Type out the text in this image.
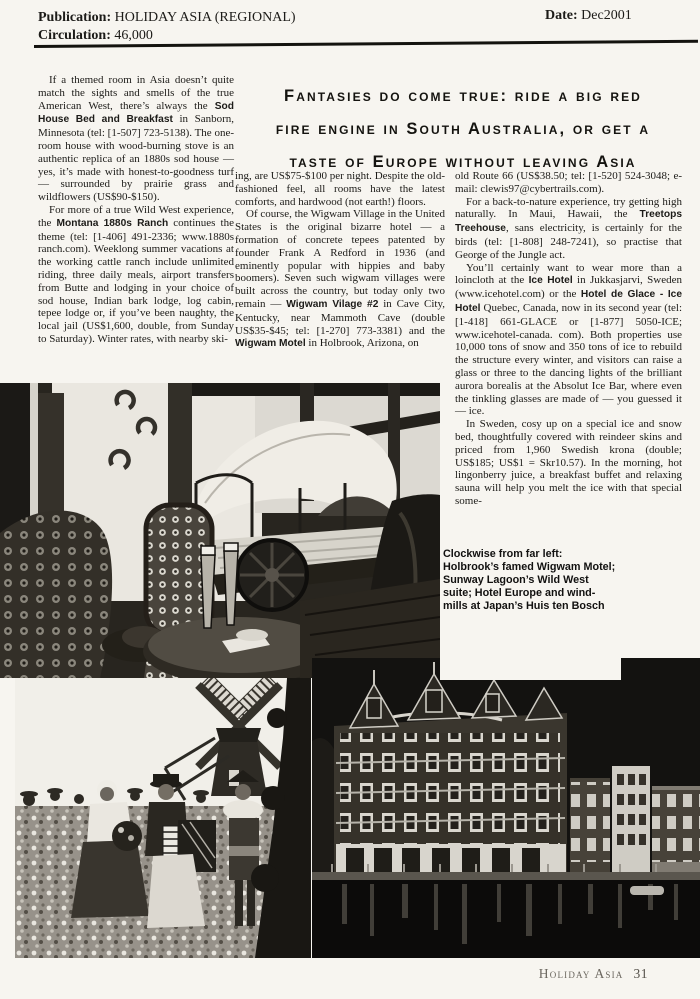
Publication: HOLIDAY ASIA (REGIONAL)	Date: Dec2001
Circulation: 46,000
Fantasies do come true: ride a big red
fire engine in South Australia, or get a
taste of Europe without leaving Asia

If a themed room in Asia doesn’t quite match the sights and smells of the true American West, there’s always the Sod House Bed and Breakfast in Sanborn, Minnesota (tel: [1-507] 723-5138). The one-room house with wood-burning stove is an authentic replica of an 1880s sod house — yes, it’s made with honest-to-goodness turf — surrounded by prairie grass and wildflowers (US$90-$150).

For more of a true Wild West experience, the Montana 1880s Ranch continues the theme (tel: [1-406] 491-2336; www.1880s ranch.com). Weeklong summer vacations at the working cattle ranch include unlimited riding, three daily meals, airport transfers from Butte and lodging in your choice of sod house, Indian bark lodge, log cabin, tepee lodge or, if you’ve been naughty, the local jail (US$1,600, double, from Sunday to Saturday). Winter rates, with nearby ski-

ing, are US$75-$100 per night. Despite the old-fashioned feel, all rooms have the latest comforts, and hardwood (not earth!) floors.

Of course, the Wigwam Village in the United States is the original bizarre hotel — a formation of concrete tepees patented by founder Frank A Redford in 1936 (and eminently popular with hippies and baby boomers). Seven such wigwam villages were built across the country, but today only two remain — Wigwam Vilage #2 in Cave City, Kentucky, near Mammoth Cave (double US$35-$45; tel: [1-270] 773-3381) and the Wigwam Motel in Holbrook, Arizona, on

old Route 66 (US$38.50; tel: [1-520] 524-3048; e-mail: clewis97@cybertrails.com).

For a back-to-nature experience, try getting high naturally. In Maui, Hawaii, the Treetops Treehouse, sans electricity, is certainly for the birds (tel: [1-808] 248-7241), so practise that George of the Jungle act.

You’ll certainly want to wear more than a loincloth at the Ice Hotel in Jukkasjarvi, Sweden (www.icehotel.com) or the Hotel de Glace - Ice Hotel Quebec, Canada, now in its second year (tel: [1-418] 661-GLACE or [1-877] 5050-ICE; www.icehotel-canada. com). Both properties use 10,000 tons of snow and 350 tons of ice to rebuild the structure every winter, and visitors can raise a glass or three to the dancing lights of the brilliant aurora borealis at the Absolut Ice Bar, where even the tinkling glasses are made of — you guessed it — ice.

In Sweden, cosy up on a special ice and snow bed, thoughtfully covered with reindeer skins and priced from 1,960 Swedish krona (double; US$185; US$1 = Skr10.57). In the morning, hot lingonberry juice, a breakfast buffet and relaxing sauna will help you melt the ice with that special some-

Clockwise from far left: Holbrook’s famed Wigwam Motel; Sunway Lagoon’s Wild West suite; Hotel Europe and wind-mills at Japan’s Huis ten Bosch
Holiday Asia 31
